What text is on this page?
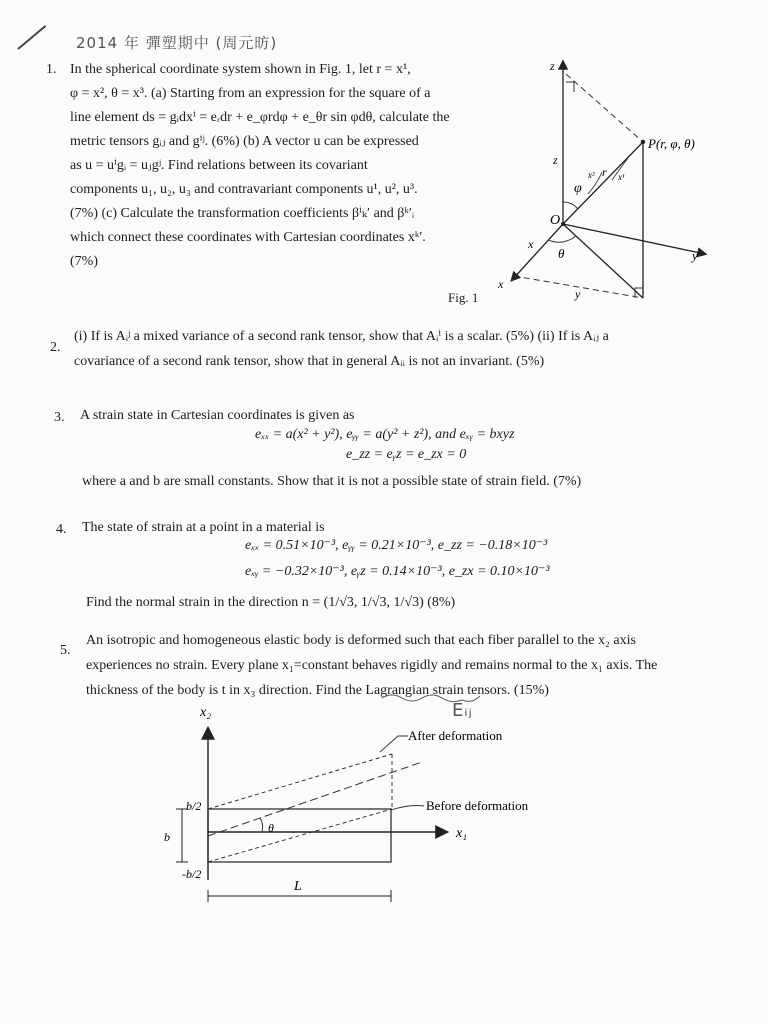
2014 年 彈塑期中 (周元昉)
1. In the spherical coordinate system shown in Fig. 1, let r = x¹,

φ = x², θ = x³. (a) Starting from an expression for the square of a

line element ds = gᵢdxⁱ = eᵣdr + e_φrdφ + e_θr sin φdθ, calculate the

metric tensors gᵢⱼ and gⁱʲ. (6%) (b) A vector u can be expressed

as u = uⁱgᵢ = uⱼgʲ. Find relations between its covariant

components u₁, u₂, u₃ and contravariant components u¹, u², u³.

(7%) (c) Calculate the transformation coefficients βⁱₖ′ and βᵏ′ᵢ

which connect these coordinates with Cartesian coordinates xᵏ′.

(7%)

z
P(r, φ, θ)
O
x
y
z
x
y
φ
θ
r
x²	x¹
Fig. 1
2.

(i) If is Aᵢʲ a mixed variance of a second rank tensor, show that Aᵢⁱ is a scalar. (5%) (ii) If is Aᵢⱼ a

covariance of a second rank tensor, show that in general Aᵢᵢ is not an invariant. (5%)

3. A strain state in Cartesian coordinates is given as
eₓₓ = a(x² + y²), eᵧᵧ = a(y² + z²), and eₓᵧ = bxyz
e_zz = eᵧz = e_zx = 0
where a and b are small constants. Show that it is not a possible state of strain field. (7%)
4. The state of strain at a point in a material is
eₓₓ = 0.51×10⁻³, eᵧᵧ = 0.21×10⁻³, e_zz = −0.18×10⁻³
eₓᵧ = −0.32×10⁻³, eᵧz = 0.14×10⁻³, e_zx = 0.10×10⁻³
Find the normal strain in the direction n = (1/√3, 1/√3, 1/√3) (8%)
5.

An isotropic and homogeneous elastic body is deformed such that each fiber parallel to the x₂ axis

experiences no strain. Every plane x₁=constant behaves rigidly and remains normal to the x₁ axis. The

thickness of the body is t in x₃ direction. Find the Lagrangian strain tensors. (15%)

Eᵢⱼ
x₂
x₁
After deformation
Before deformation
b/2
-b/2
b
L
θ
